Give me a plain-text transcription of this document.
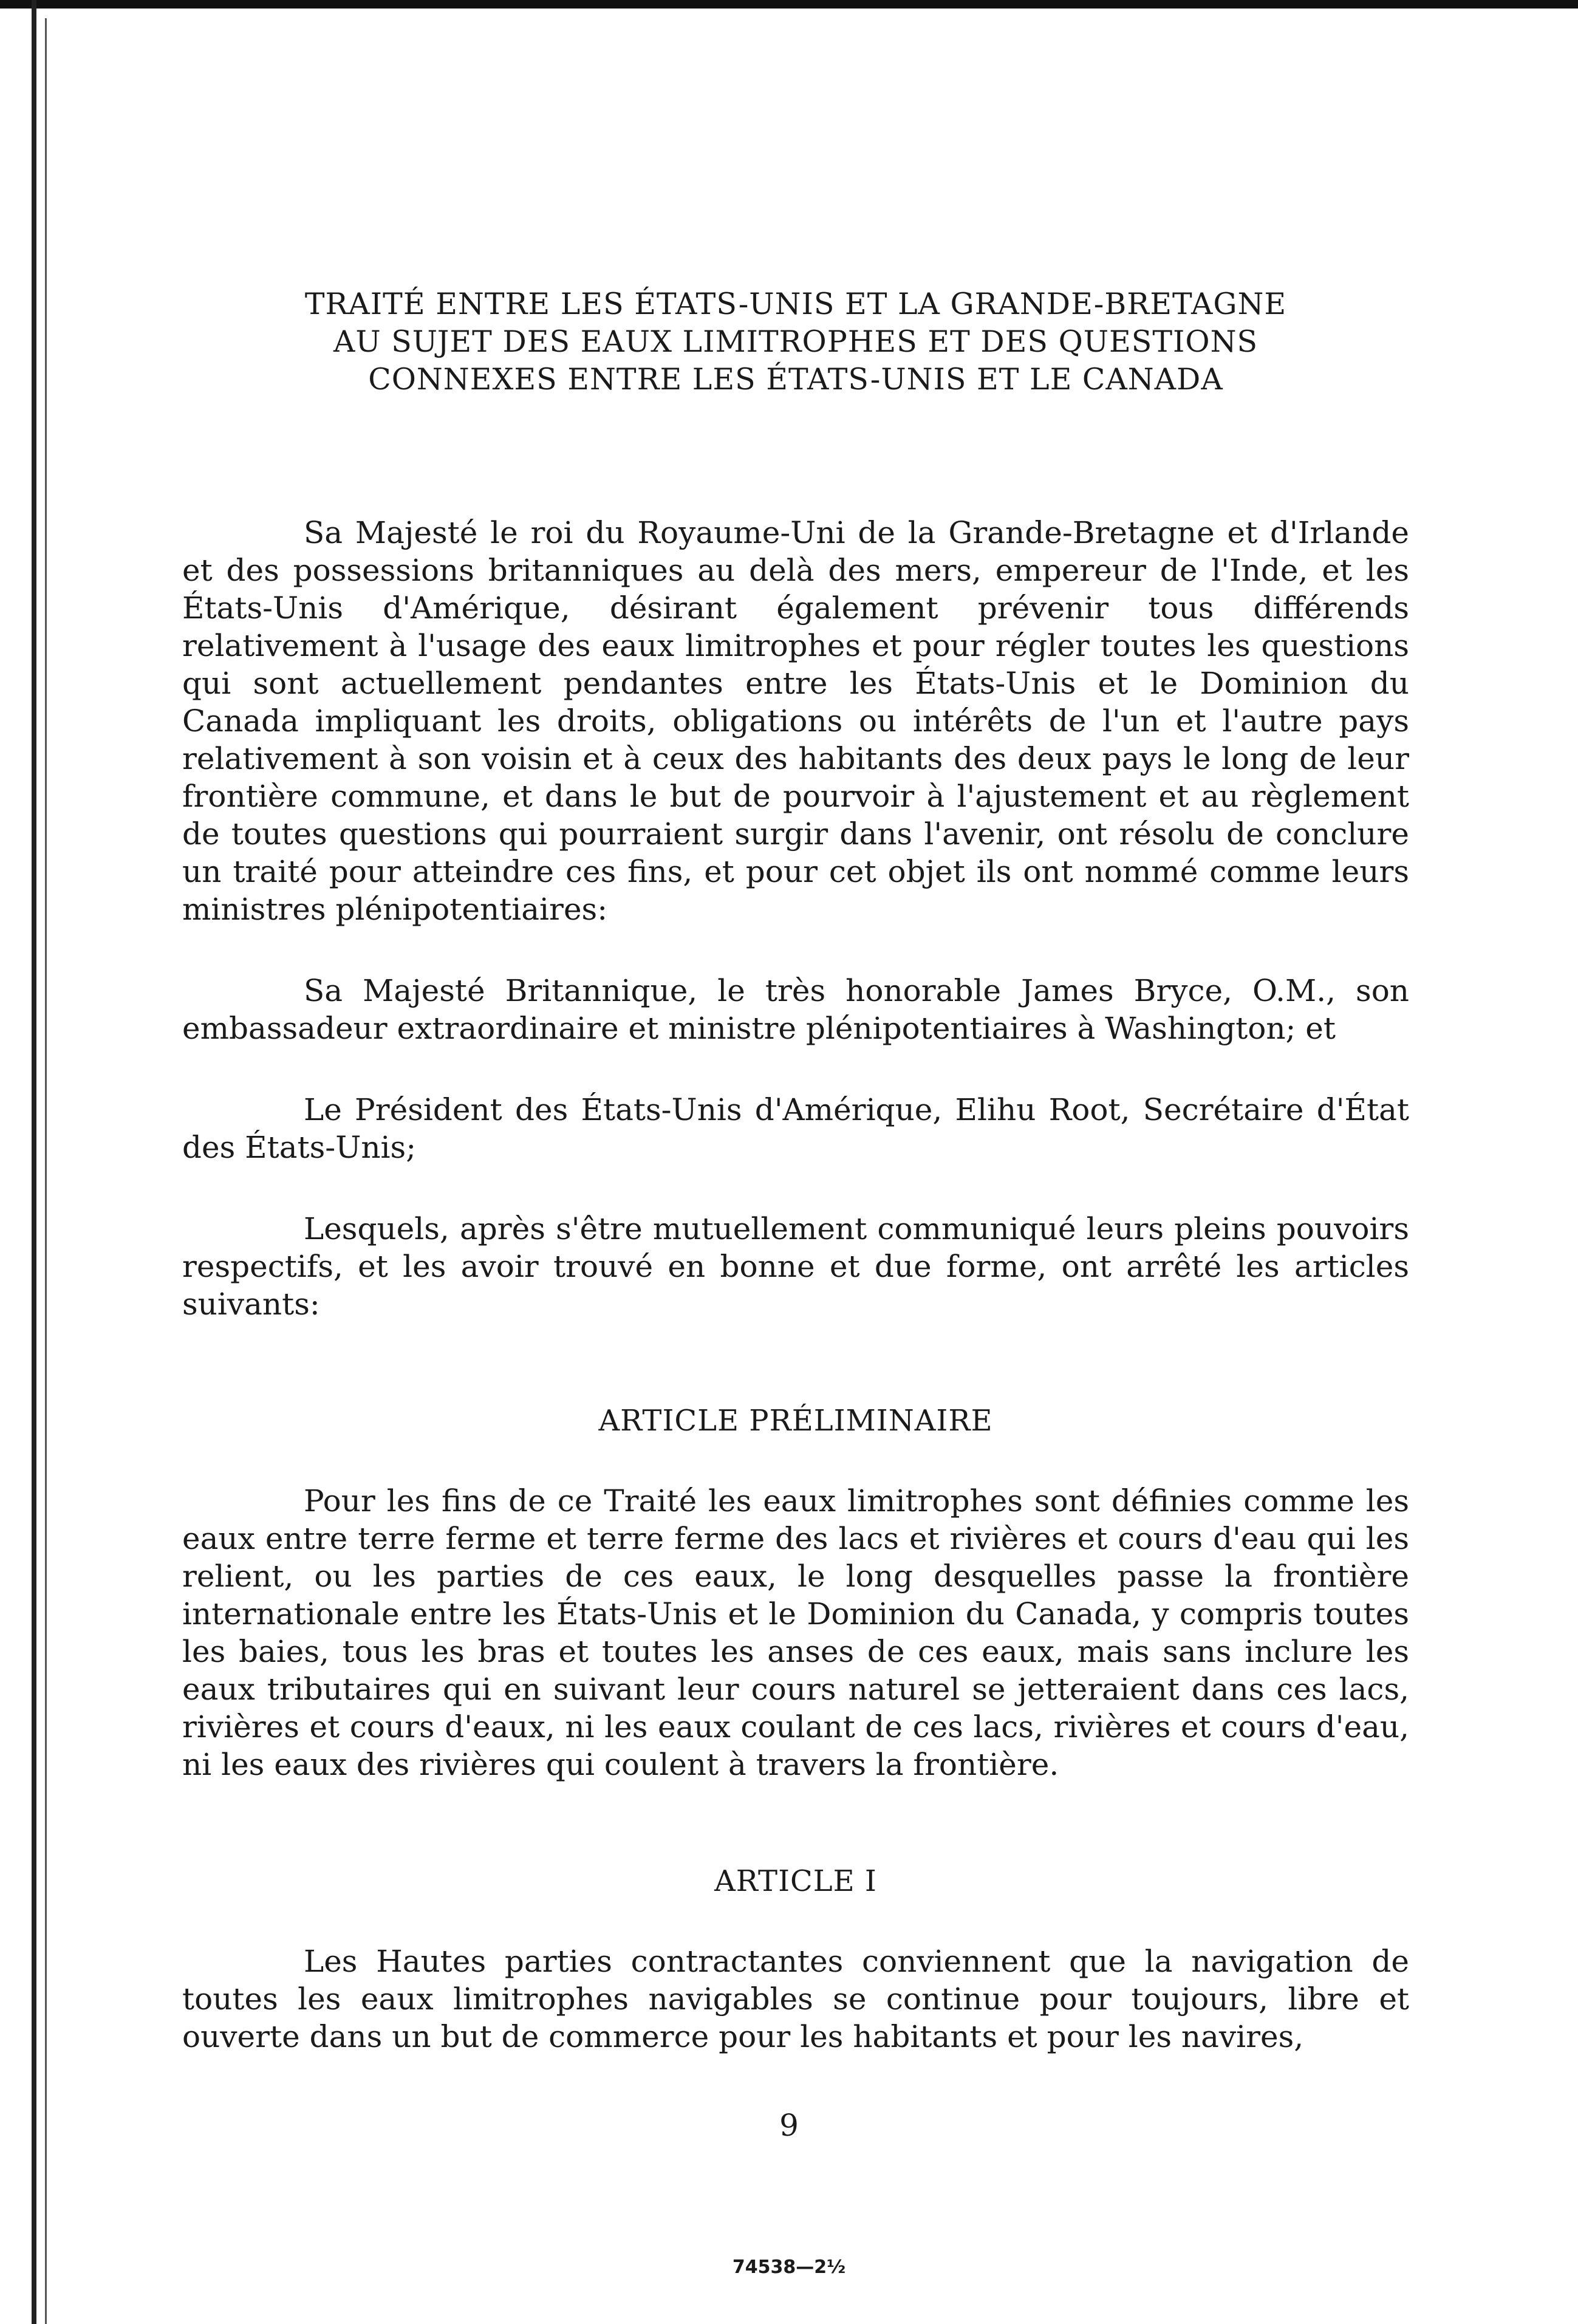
TRAITÉ ENTRE LES ÉTATS-UNIS ET LA GRANDE-BRETAGNE
AU SUJET DES EAUX LIMITROPHES ET DES QUESTIONS
CONNEXES ENTRE LES ÉTATS-UNIS ET LE CANADA

Sa Majesté le roi du Royaume-Uni de la Grande-Bretagne et d'Irlande et des possessions britanniques au delà des mers, empereur de l'Inde, et les États-Unis d'Amérique, désirant également prévenir tous différends relativement à l'usage des eaux limitrophes et pour régler toutes les questions qui sont actuellement pendantes entre les États-Unis et le Dominion du Canada impliquant les droits, obligations ou intérêts de l'un et l'autre pays relativement à son voisin et à ceux des habitants des deux pays le long de leur frontière commune, et dans le but de pourvoir à l'ajustement et au règlement de toutes questions qui pourraient surgir dans l'avenir, ont résolu de conclure un traité pour atteindre ces fins, et pour cet objet ils ont nommé comme leurs ministres plénipotentiaires:

Sa Majesté Britannique, le très honorable James Bryce, O.M., son embassadeur extraordinaire et ministre plénipotentiaires à Washington; et

Le Président des États-Unis d'Amérique, Elihu Root, Secrétaire d'État des États-Unis;

Lesquels, après s'être mutuellement communiqué leurs pleins pouvoirs respectifs, et les avoir trouvé en bonne et due forme, ont arrêté les articles suivants:

ARTICLE PRÉLIMINAIRE

Pour les fins de ce Traité les eaux limitrophes sont définies comme les eaux entre terre ferme et terre ferme des lacs et rivières et cours d'eau qui les relient, ou les parties de ces eaux, le long desquelles passe la frontière internationale entre les États-Unis et le Dominion du Canada, y compris toutes les baies, tous les bras et toutes les anses de ces eaux, mais sans inclure les eaux tributaires qui en suivant leur cours naturel se jetteraient dans ces lacs, rivières et cours d'eaux, ni les eaux coulant de ces lacs, rivières et cours d'eau, ni les eaux des rivières qui coulent à travers la frontière.

ARTICLE I

Les Hautes parties contractantes conviennent que la navigation de toutes les eaux limitrophes navigables se continue pour toujours, libre et ouverte dans un but de commerce pour les habitants et pour les navires,

9
74538—2½
